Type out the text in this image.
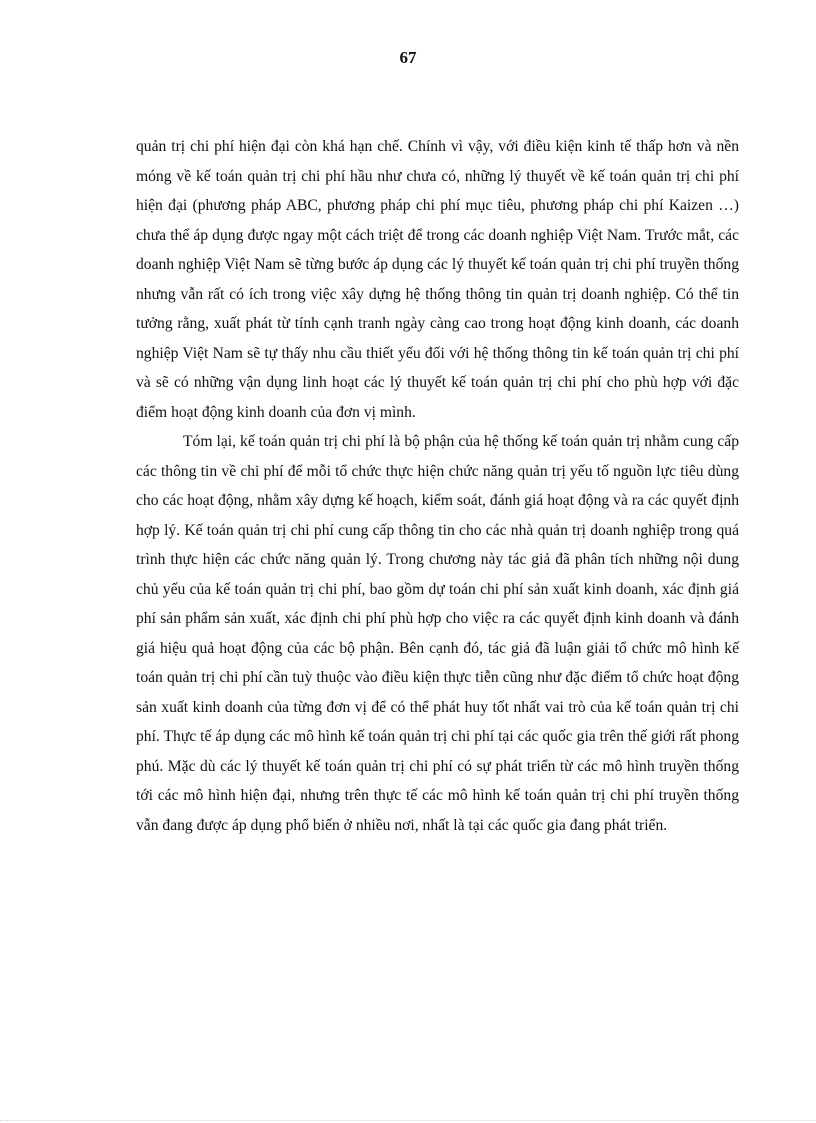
67

quản trị chi phí hiện đại còn khá hạn chế. Chính vì vậy, với điều kiện kinh tế thấp hơn và nền móng về kế toán quản trị chi phí hầu như chưa có, những lý thuyết về kế toán quản trị chi phí hiện đại (phương pháp ABC, phương pháp chi phí mục tiêu, phương pháp chi phí Kaizen …) chưa thể áp dụng được ngay một cách triệt để trong các doanh nghiệp Việt Nam. Trước mắt, các doanh nghiệp Việt Nam sẽ từng bước áp dụng các lý thuyết kế toán quản trị chi phí truyền thống nhưng vẫn rất có ích trong việc xây dựng hệ thống thông tin quản trị doanh nghiệp. Có thể tin tưởng rằng, xuất phát từ tính cạnh tranh ngày càng cao trong hoạt động kinh doanh, các doanh nghiệp Việt Nam sẽ tự thấy nhu cầu thiết yếu đối với hệ thống thông tin kế toán quản trị chi phí và sẽ có những vận dụng linh hoạt các lý thuyết kế toán quản trị chi phí cho phù hợp với đặc điểm hoạt động kinh doanh của đơn vị mình.

Tóm lại, kế toán quản trị chi phí là bộ phận của hệ thống kế toán quản trị nhằm cung cấp các thông tin về chi phí để mỗi tổ chức thực hiện chức năng quản trị yếu tố nguồn lực tiêu dùng cho các hoạt động, nhằm xây dựng kế hoạch, kiểm soát, đánh giá hoạt động và ra các quyết định hợp lý. Kế toán quản trị chi phí cung cấp thông tin cho các nhà quản trị doanh nghiệp trong quá trình thực hiện các chức năng quản lý. Trong chương này tác giả đã phân tích những nội dung chủ yếu của kế toán quản trị chi phí, bao gồm dự toán chi phí sản xuất kinh doanh, xác định giá phí sản phẩm sản xuất, xác định chi phí phù hợp cho việc ra các quyết định kinh doanh và đánh giá hiệu quả hoạt động của các bộ phận. Bên cạnh đó, tác giả đã luận giải tổ chức mô hình kế toán quản trị chi phí cần tuỳ thuộc vào điều kiện thực tiễn cũng như đặc điểm tổ chức hoạt động sản xuất kinh doanh của từng đơn vị để có thể phát huy tốt nhất vai trò của kế toán quản trị chi phí. Thực tế áp dụng các mô hình kế toán quản trị chi phí tại các quốc gia trên thế giới rất phong phú. Mặc dù các lý thuyết kế toán quản trị chi phí có sự phát triển từ các mô hình truyền thống tới các mô hình hiện đại, nhưng trên thực tế các mô hình kế toán quản trị chi phí truyền thống vẫn đang được áp dụng phổ biến ở nhiều nơi, nhất là tại các quốc gia đang phát triển.
